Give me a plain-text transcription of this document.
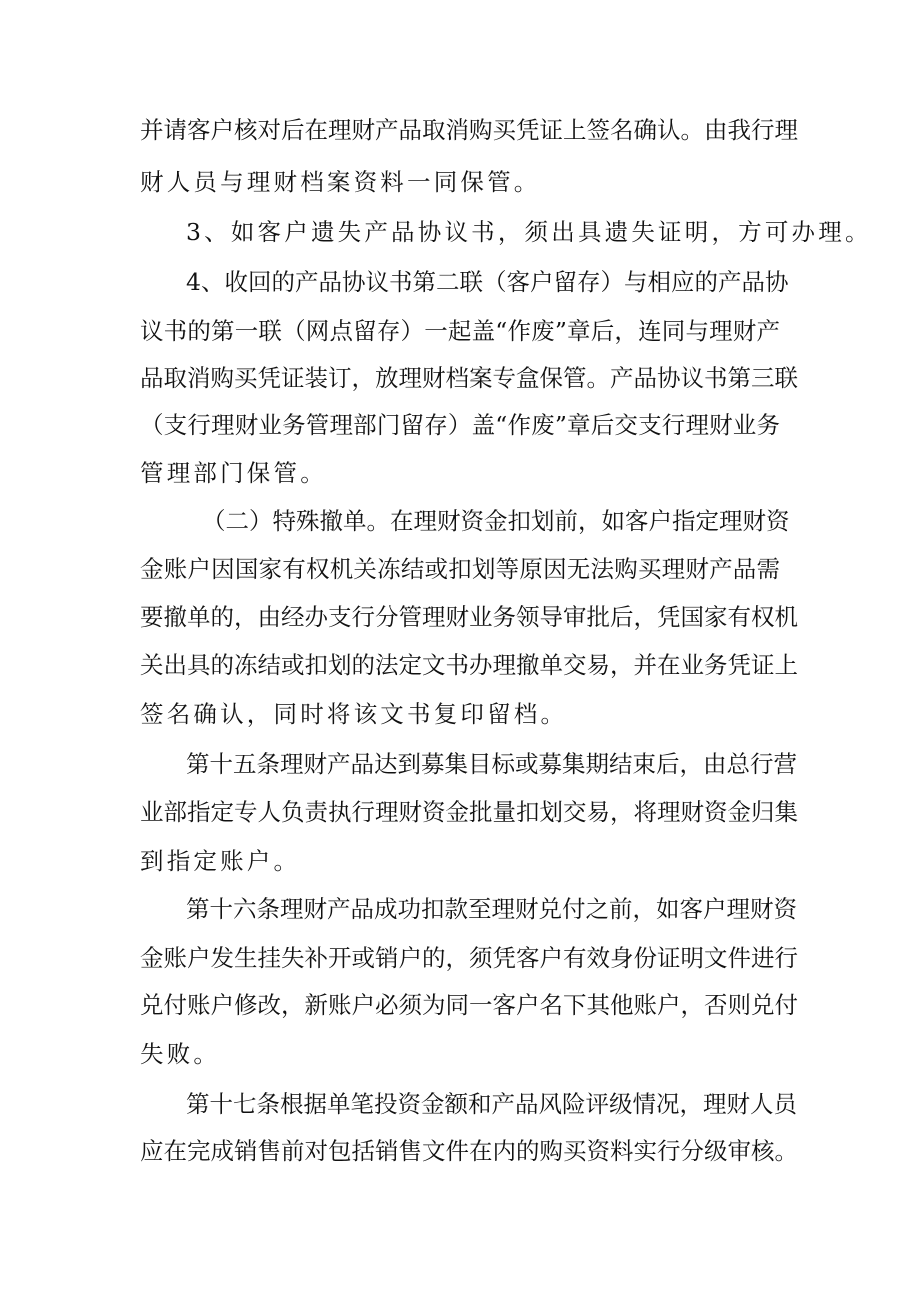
并请客户核对后在理财产品取消购买凭证上签名确认。由我行理
财人员与理财档案资料一同保管。
3、如客户遗失产品协议书，须出具遗失证明，方可办理。
4、收回的产品协议书第二联（客户留存）与相应的产品协
议书的第一联（网点留存）一起盖“作废”章后，连同与理财产
品取消购买凭证装订，放理财档案专盒保管。产品协议书第三联
（支行理财业务管理部门留存）盖“作废”章后交支行理财业务
管理部门保管。
（二）特殊撤单。在理财资金扣划前，如客户指定理财资
金账户因国家有权机关冻结或扣划等原因无法购买理财产品需
要撤单的，由经办支行分管理财业务领导审批后，凭国家有权机
关出具的冻结或扣划的法定文书办理撤单交易，并在业务凭证上
签名确认，同时将该文书复印留档。
第十五条理财产品达到募集目标或募集期结束后，由总行营
业部指定专人负责执行理财资金批量扣划交易，将理财资金归集
到指定账户。
第十六条理财产品成功扣款至理财兑付之前，如客户理财资
金账户发生挂失补开或销户的，须凭客户有效身份证明文件进行
兑付账户修改，新账户必须为同一客户名下其他账户，否则兑付
失败。
第十七条根据单笔投资金额和产品风险评级情况，理财人员
应在完成销售前对包括销售文件在内的购买资料实行分级审核。
